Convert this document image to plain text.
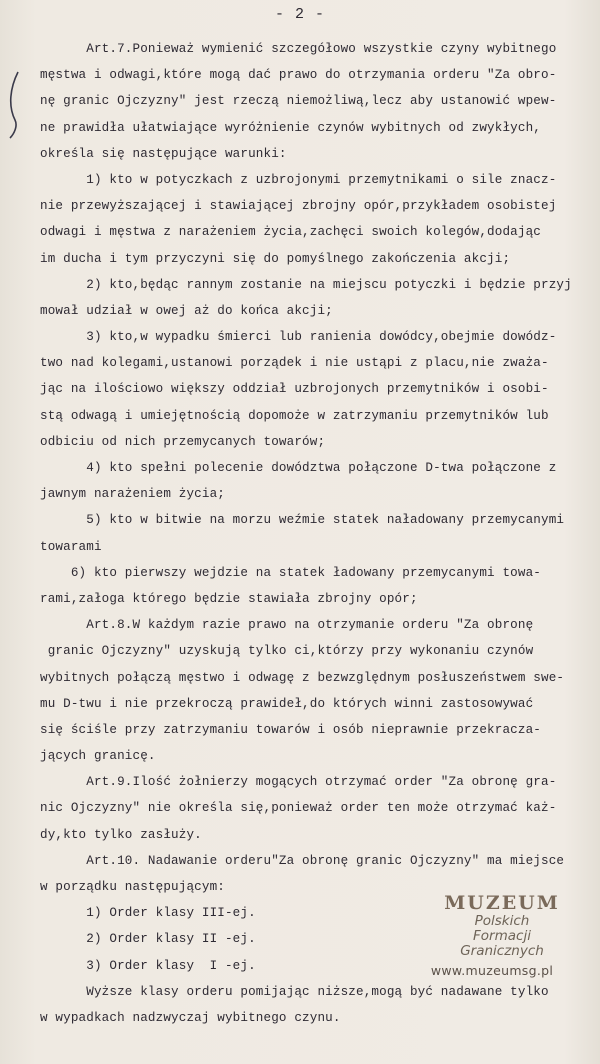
- 2 -
Art.7.Ponieważ wymienić szczegółowo wszystkie czyny wybitnego
męstwa i odwagi,które mogą dać prawo do otrzymania orderu "Za obro-
nę granic Ojczyzny" jest rzeczą niemożliwą,lecz aby ustanowić wpew-
ne prawidła ułatwiające wyróżnienie czynów wybitnych od zwykłych,
określa się następujące warunki:
1) kto w potyczkach z uzbrojonymi przemytnikami o sile znacz-
nie przewyższającej i stawiającej zbrojny opór,przykładem osobistej
odwagi i męstwa z narażeniem życia,zachęci swoich kolegów,dodając
im ducha i tym przyczyni się do pomyślnego zakończenia akcji;
2) kto,będąc rannym zostanie na miejscu potyczki i będzie przyj
mował udział w owej aż do końca akcji;
3) kto,w wypadku śmierci lub ranienia dowódcy,obejmie dowódz-
two nad kolegami,ustanowi porządek i nie ustąpi z placu,nie zważa-
jąc na ilościowo większy oddział uzbrojonych przemytników i osobi-
stą odwagą i umiejętnością dopomoże w zatrzymaniu przemytników lub
odbiciu od nich przemycanych towarów;
4) kto spełni polecenie dowództwa połączone D-twa połączone z
jawnym narażeniem życia;
5) kto w bitwie na morzu weźmie statek naładowany przemycanymi
towarami
6) kto pierwszy wejdzie na statek ładowany przemycanymi towa-
rami,załoga którego będzie stawiała zbrojny opór;
Art.8.W każdym razie prawo na otrzymanie orderu "Za obronę
granic Ojczyzny" uzyskują tylko ci,którzy przy wykonaniu czynów
wybitnych połączą męstwo i odwagę z bezwzględnym posłuszeństwem swe-
mu D-twu i nie przekroczą prawideł,do których winni zastosowywać
się ściśle przy zatrzymaniu towarów i osób nieprawnie przekracza-
jących granicę.
Art.9.Ilość żołnierzy mogących otrzymać order "Za obronę gra-
nic Ojczyzny" nie określa się,ponieważ order ten może otrzymać każ-
dy,kto tylko zasłuży.
Art.10. Nadawanie orderu"Za obronę granic Ojczyzny" ma miejsce
w porządku następującym:
1) Order klasy III-ej.
2) Order klasy II -ej.
3) Order klasy  I -ej.
Wyższe klasy orderu pomijając niższe,mogą być nadawane tylko
w wypadkach nadzwyczaj wybitnego czynu.
MUZEUM
Polskich
Formacji
Granicznych
www.muzeumsg.pl
